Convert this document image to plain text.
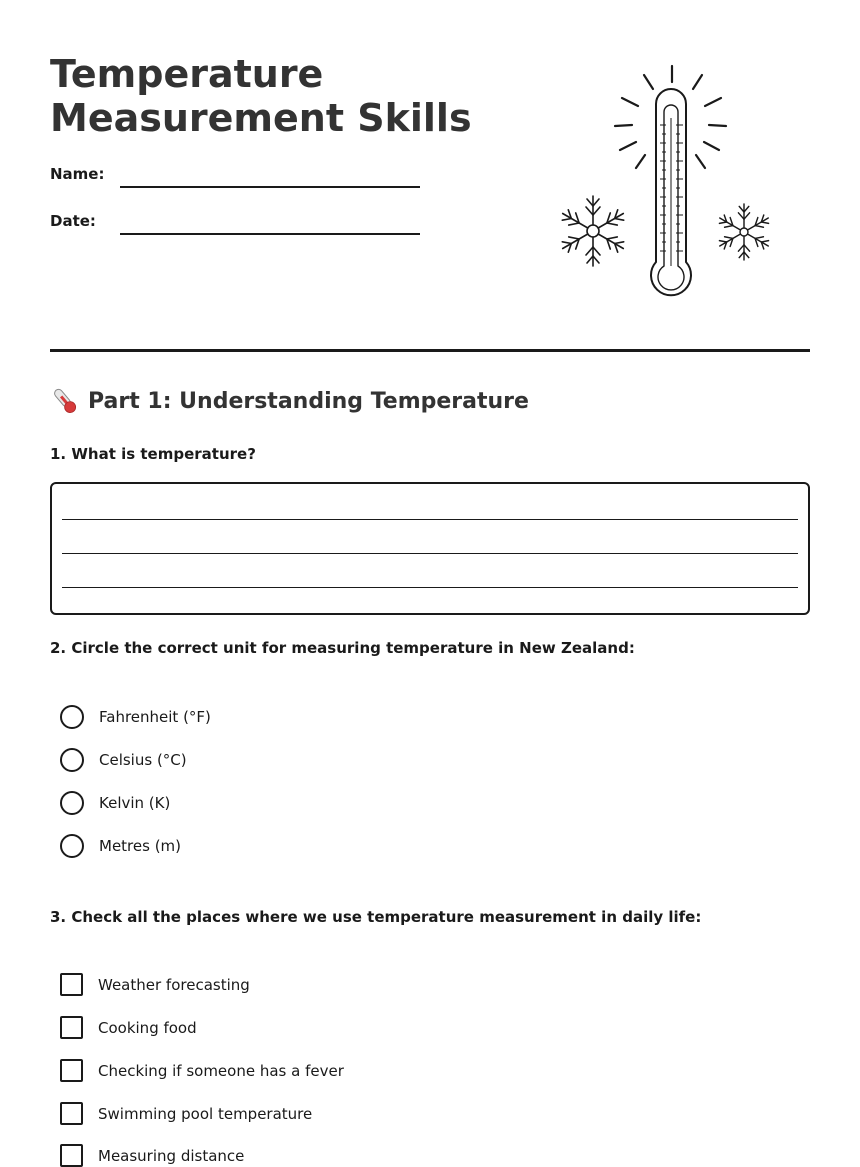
Temperature
Measurement Skills
Name:
Date:
Part 1: Understanding Temperature
1. What is temperature?
2. Circle the correct unit for measuring temperature in New Zealand:
Fahrenheit (°F)
Celsius (°C)
Kelvin (K)
Metres (m)
3. Check all the places where we use temperature measurement in daily life:
Weather forecasting
Cooking food
Checking if someone has a fever
Swimming pool temperature
Measuring distance
